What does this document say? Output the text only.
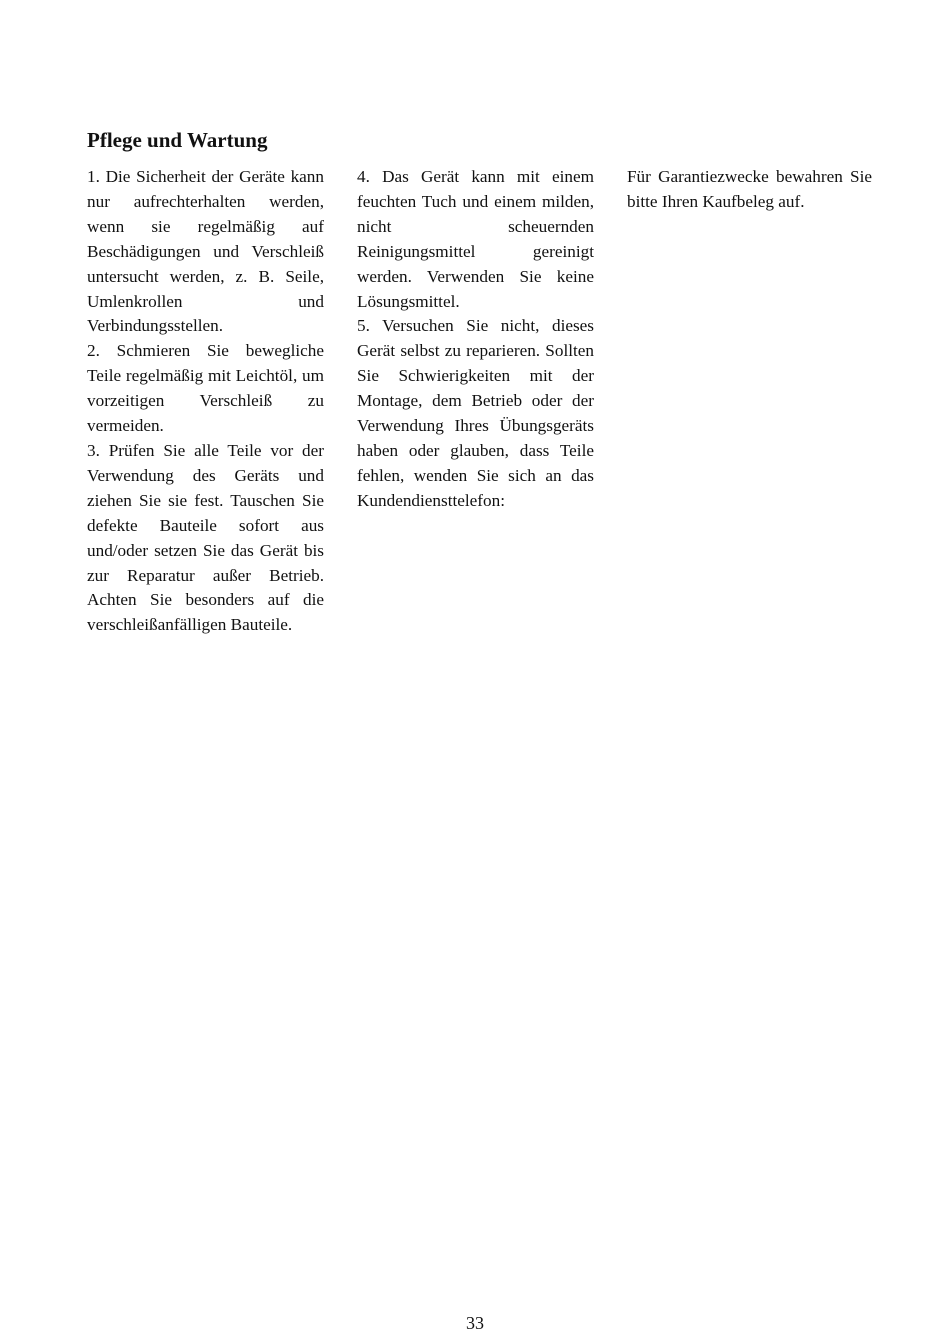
Pflege und Wartung

1. Die Sicherheit der Geräte kann nur aufrechterhalten werden, wenn sie regelmäßig auf Beschädigungen und Verschleiß untersucht werden, z. B. Seile, Umlenkrollen und Verbindungsstellen.

2. Schmieren Sie bewegliche Teile regelmäßig mit Leichtöl, um vorzeitigen Verschleiß zu vermeiden.

3. Prüfen Sie alle Teile vor der Verwendung des Geräts und ziehen Sie sie fest. Tauschen Sie defekte Bauteile sofort aus und/oder setzen Sie das Gerät bis zur Reparatur außer Betrieb. Achten Sie besonders auf die verschleißanfälligen Bauteile.

4. Das Gerät kann mit einem feuchten Tuch und einem milden, nicht scheuernden Reinigungsmittel gereinigt werden. Verwenden Sie keine Lösungsmittel.

5. Versuchen Sie nicht, dieses Gerät selbst zu reparieren. Sollten Sie Schwierigkeiten mit der Montage, dem Betrieb oder der Verwendung Ihres Übungsgeräts haben oder glauben, dass Teile fehlen, wenden Sie sich an das Kundendiensttelefon:

Für Garantiezwecke bewahren Sie bitte Ihren Kaufbeleg auf.

33
